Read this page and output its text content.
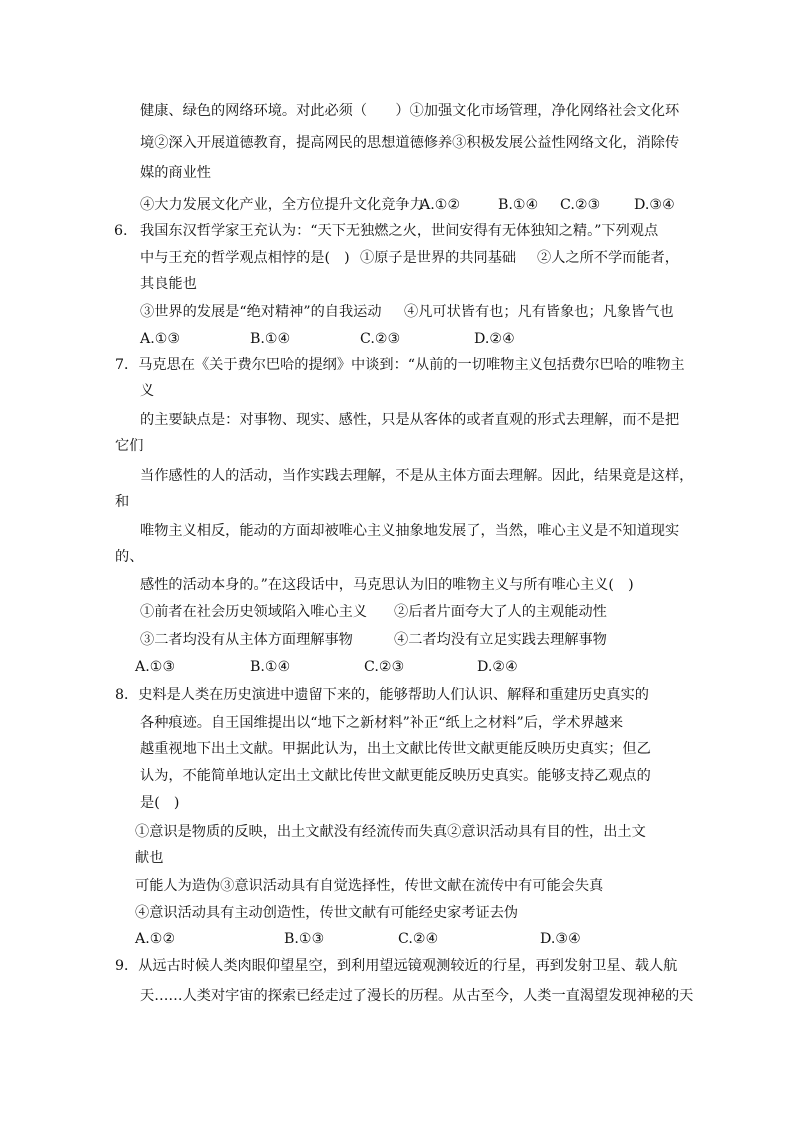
健康、绿色的网络环境。对此必须（　　）①加强文化市场管理，净化网络社会文化环
境②深入开展道德教育，提高网民的思想道德修养③积极发展公益性网络文化，消除传
媒的商业性
④大力发展文化产业，全方位提升文化竞争力
A.①②	B.①④ C.②③ D.③④
6. 我国东汉哲学家王充认为：“天下无独燃之火，世间安得有无体独知之精。”下列观点
中与王充的哲学观点相悖的是(　) ①原子是世界的共同基础 ②人之所不学而能者，
其良能也
③世界的发展是“绝对精神”的自我运动 ④凡可状皆有也；凡有皆象也；凡象皆气也
A.①③	B.①④	C.②③	D.②④
7．马克思在《关于费尔巴哈的提纲》中谈到：“从前的一切唯物主义包括费尔巴哈的唯物主
义
的主要缺点是：对事物、现实、感性，只是从客体的或者直观的形式去理解，而不是把
它们
当作感性的人的活动，当作实践去理解，不是从主体方面去理解。因此，结果竟是这样，
和
唯物主义相反，能动的方面却被唯心主义抽象地发展了，当然，唯心主义是不知道现实
的、
感性的活动本身的。”在这段话中，马克思认为旧的唯物主义与所有唯心主义(　)
①前者在社会历史领域陷入唯心主义 ②后者片面夸大了人的主观能动性
③二者均没有从主体方面理解事物	④二者均没有立足实践去理解事物
A.①③	B.①④	C.②③	D.②④
8．史料是人类在历史演进中遗留下来的，能够帮助人们认识、解释和重建历史真实的
各种痕迹。自王国维提出以“地下之新材料”补正“纸上之材料”后，学术界越来
越重视地下出土文献。甲据此认为，出土文献比传世文献更能反映历史真实；但乙
认为，不能简单地认定出土文献比传世文献更能反映历史真实。能够支持乙观点的
是(　)
①意识是物质的反映，出土文献没有经流传而失真②意识活动具有目的性，出土文
献也
可能人为造伪③意识活动具有自觉选择性，传世文献在流传中有可能会失真
④意识活动具有主动创造性，传世文献有可能经史家考证去伪
A.①②	B.①③	C.②④	D.③④
9．从远古时候人类肉眼仰望星空，到利用望远镜观测较近的行星，再到发射卫星、载人航
天……人类对宇宙的探索已经走过了漫长的历程。从古至今，人类一直渴望发现神秘的天
